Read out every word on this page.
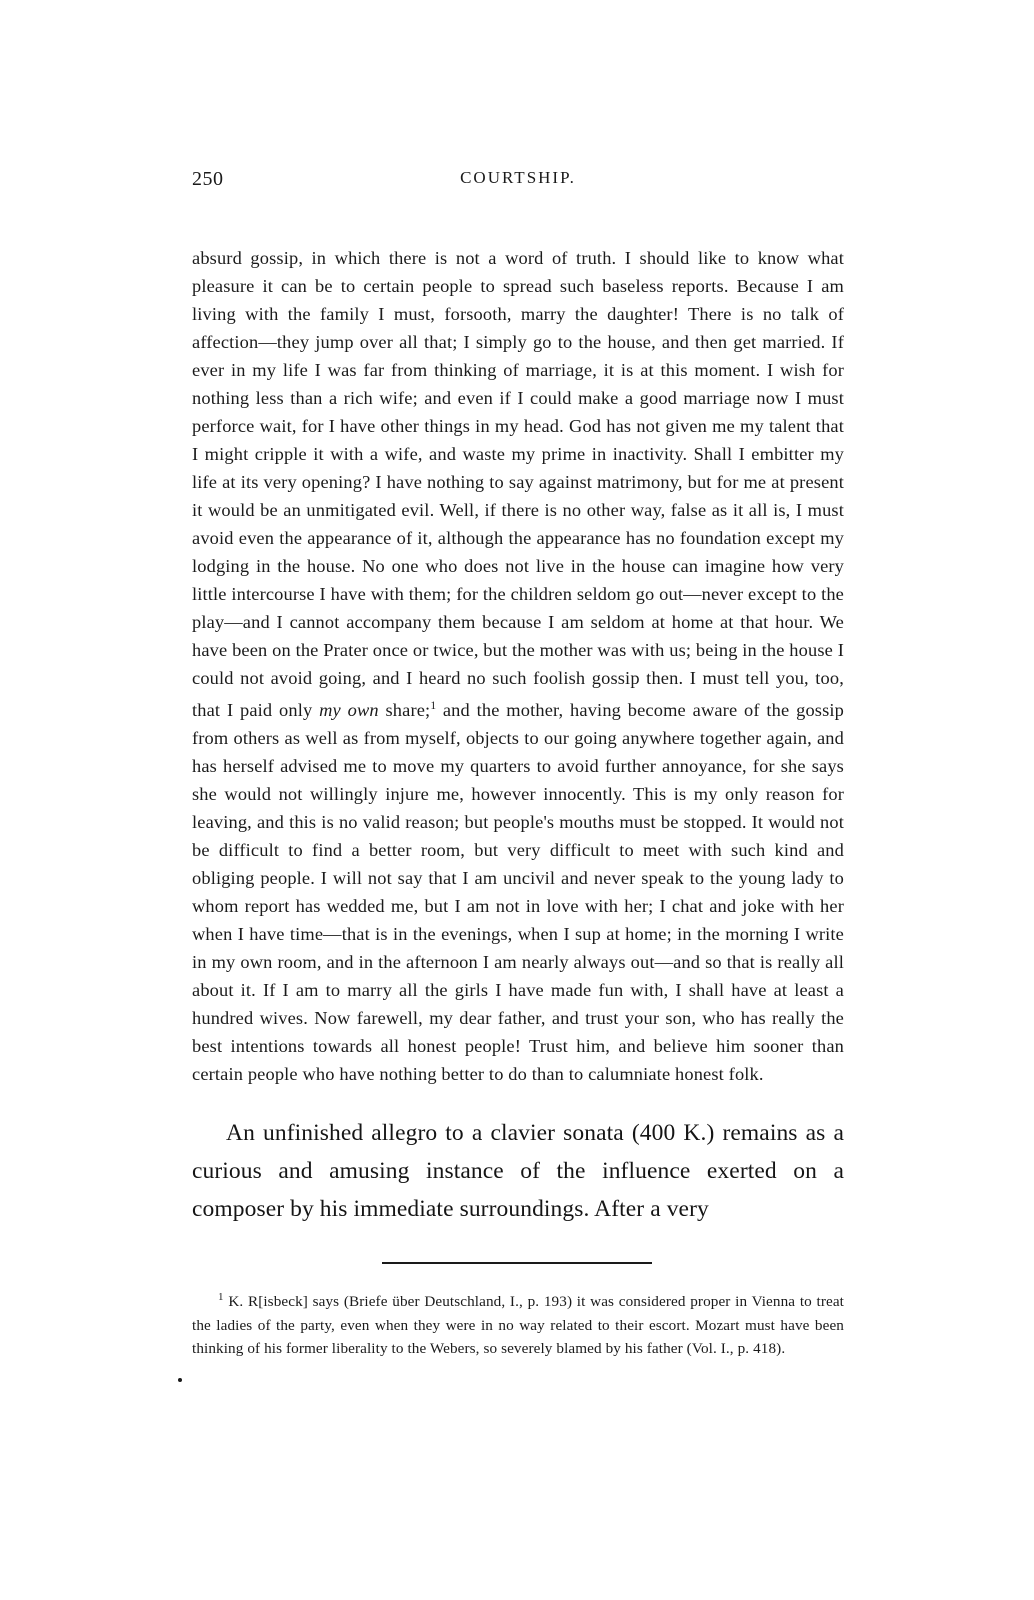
250	COURTSHIP.
absurd gossip, in which there is not a word of truth. I should like to know what pleasure it can be to certain people to spread such baseless reports. Because I am living with the family I must, forsooth, marry the daughter! There is no talk of affection—they jump over all that; I simply go to the house, and then get married. If ever in my life I was far from thinking of marriage, it is at this moment. I wish for nothing less than a rich wife; and even if I could make a good marriage now I must perforce wait, for I have other things in my head. God has not given me my talent that I might cripple it with a wife, and waste my prime in inactivity. Shall I embitter my life at its very opening? I have nothing to say against matrimony, but for me at present it would be an unmitigated evil. Well, if there is no other way, false as it all is, I must avoid even the appearance of it, although the appearance has no foundation except my lodging in the house. No one who does not live in the house can imagine how very little intercourse I have with them; for the children seldom go out—never except to the play—and I cannot accompany them because I am seldom at home at that hour. We have been on the Prater once or twice, but the mother was with us; being in the house I could not avoid going, and I heard no such foolish gossip then. I must tell you, too, that I paid only my own share;$^1$ and the mother, having become aware of the gossip from others as well as from myself, objects to our going anywhere together again, and has herself advised me to move my quarters to avoid further annoyance, for she says she would not willingly injure me, however innocently. This is my only reason for leaving, and this is no valid reason; but people's mouths must be stopped. It would not be difficult to find a better room, but very difficult to meet with such kind and obliging people. I will not say that I am uncivil and never speak to the young lady to whom report has wedded me, but I am not in love with her; I chat and joke with her when I have time—that is in the evenings, when I sup at home; in the morning I write in my own room, and in the afternoon I am nearly always out—and so that is really all about it. If I am to marry all the girls I have made fun with, I shall have at least a hundred wives. Now farewell, my dear father, and trust your son, who has really the best intentions towards all honest people! Trust him, and believe him sooner than certain people who have nothing better to do than to calumniate honest folk.
An unfinished allegro to a clavier sonata (400 K.) remains as a curious and amusing instance of the influence exerted on a composer by his immediate surroundings. After a very
$^1$ K. R[isbeck] says (Briefe über Deutschland, I., p. 193) it was considered proper in Vienna to treat the ladies of the party, even when they were in no way related to their escort. Mozart must have been thinking of his former liberality to the Webers, so severely blamed by his father (Vol. I., p. 418).
